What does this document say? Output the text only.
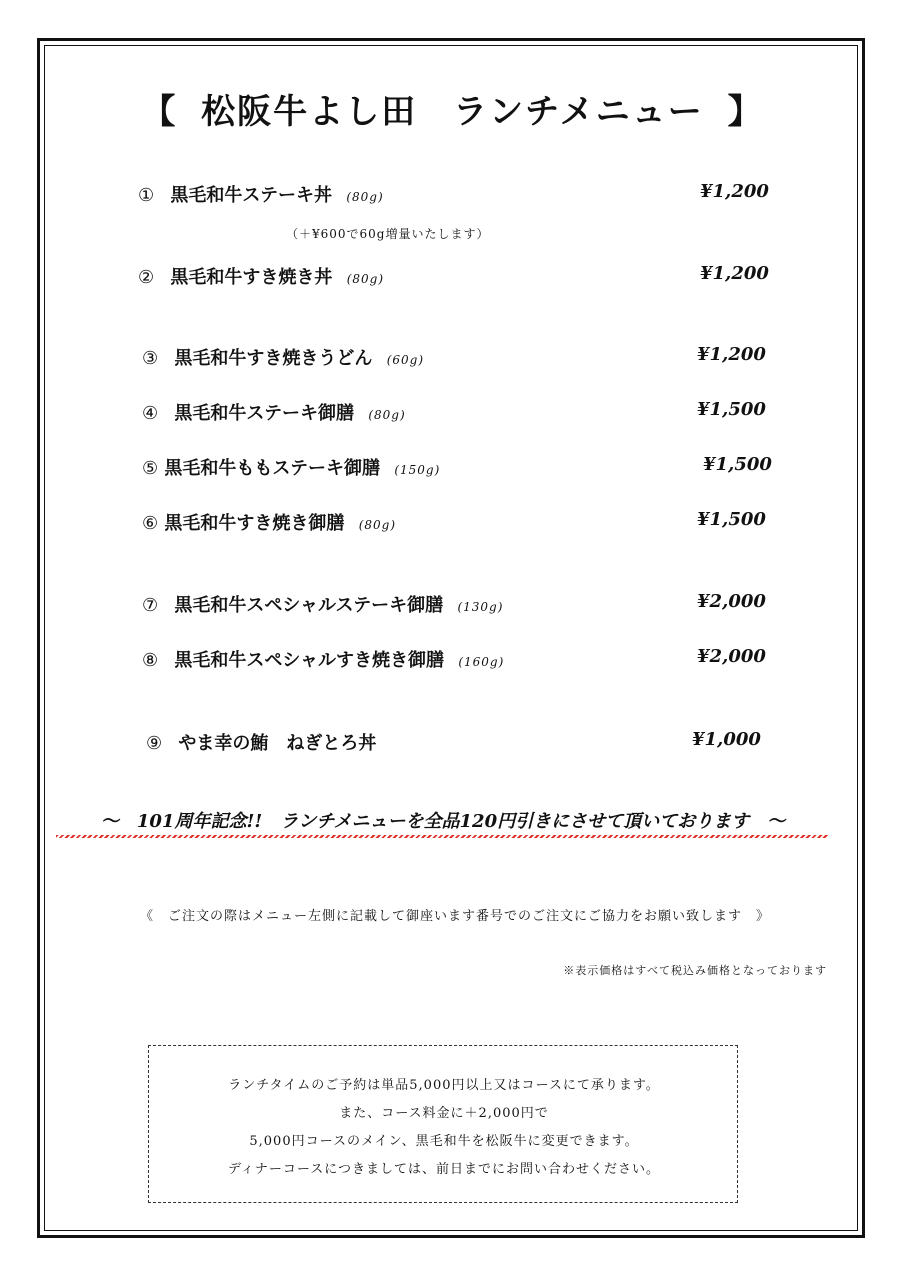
【 松阪牛よし田　ランチメニュー 】
① 黒毛和牛ステーキ丼 (80g)	¥1,200
（＋¥600で60g増量いたします）
② 黒毛和牛すき焼き丼 (80g)	¥1,200
③ 黒毛和牛すき焼きうどん (60g)	¥1,200
④ 黒毛和牛ステーキ御膳 (80g)	¥1,500
⑤ 黒毛和牛ももステーキ御膳 (150g)	¥1,500
⑥ 黒毛和牛すき焼き御膳 (80g)	¥1,500
⑦ 黒毛和牛スペシャルステーキ御膳 (130g)	¥2,000
⑧ 黒毛和牛スペシャルすき焼き御膳 (160g)	¥2,000
⑨ やま幸の鮪　ねぎとろ丼	¥1,000
～　101周年記念!!　ランチメニューを全品120円引きにさせて頂いております　～
《　ご注文の際はメニュー左側に記載して御座います番号でのご注文にご協力をお願い致します　》
※表示価格はすべて税込み価格となっております
ランチタイムのご予約は単品5,000円以上又はコースにて承ります。
また、コース料金に＋2,000円で
5,000円コースのメイン、黒毛和牛を松阪牛に変更できます。
ディナーコースにつきましては、前日までにお問い合わせください。
